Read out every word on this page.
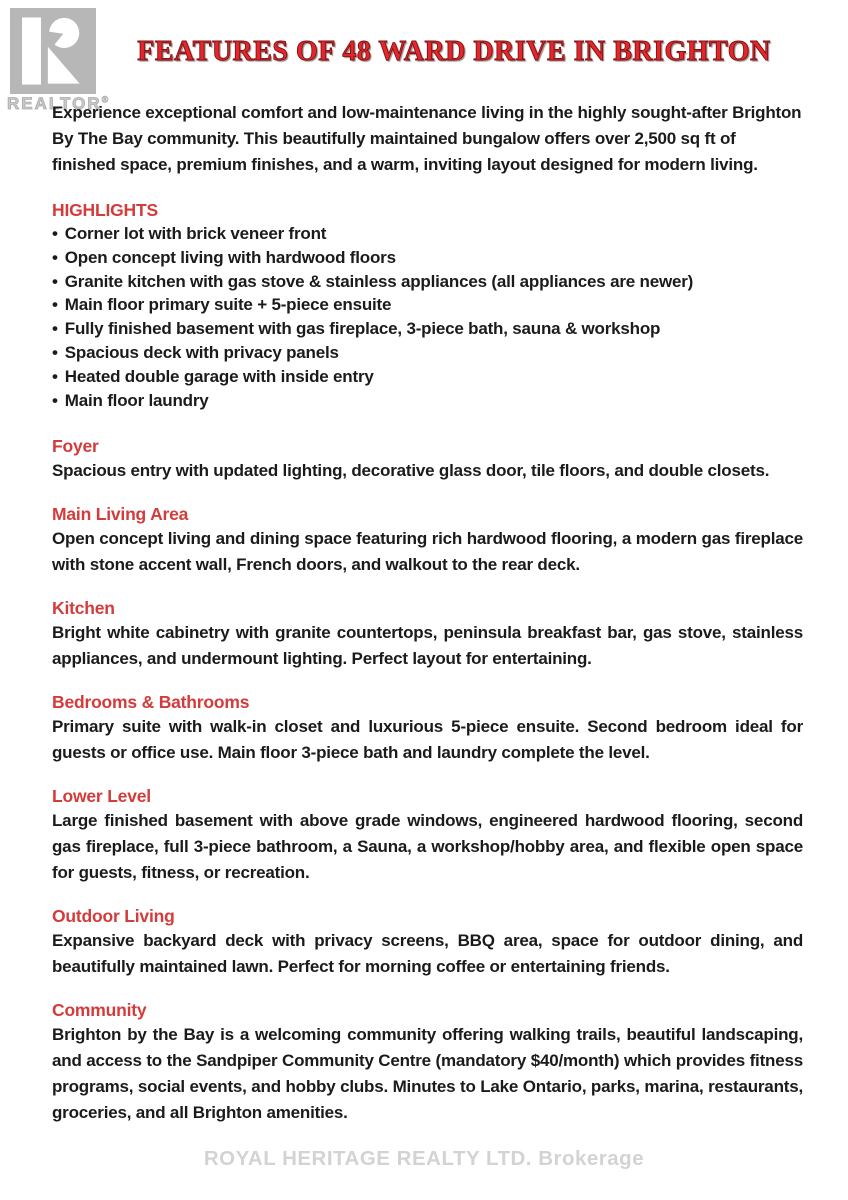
REALTOR®
FEATURES OF 48 WARD DRIVE IN BRIGHTON
ROYAL HERITAGE REALTY LTD. Brokerage

Experience exceptional comfort and low-maintenance living in the highly sought-after Brighton By The Bay community. This beautifully maintained bungalow offers over 2,500 sq ft of finished space, premium finishes, and a warm, inviting layout designed for modern living.

HIGHLIGHTS
• Corner lot with brick veneer front
• Open concept living with hardwood floors
• Granite kitchen with gas stove & stainless appliances (all appliances are newer)
• Main floor primary suite + 5-piece ensuite
• Fully finished basement with gas fireplace, 3-piece bath, sauna & workshop
• Spacious deck with privacy panels
• Heated double garage with inside entry
• Main floor laundry
Foyer

Spacious entry with updated lighting, decorative glass door, tile floors, and double closets.

Main Living Area

Open concept living and dining space featuring rich hardwood flooring, a modern gas fireplace with stone accent wall, French doors, and walkout to the rear deck.

Kitchen

Bright white cabinetry with granite countertops, peninsula breakfast bar, gas stove, stainless appliances, and undermount lighting. Perfect layout for entertaining.

Bedrooms & Bathrooms

Primary suite with walk-in closet and luxurious 5-piece ensuite. Second bedroom ideal for guests or office use. Main floor 3-piece bath and laundry complete the level.

Lower Level

Large finished basement with above grade windows, engineered hardwood flooring, second gas fireplace, full 3-piece bathroom, a Sauna, a workshop/hobby area, and flexible open space for guests, fitness, or recreation.

Outdoor Living

Expansive backyard deck with privacy screens, BBQ area, space for outdoor dining, and beautifully maintained lawn. Perfect for morning coffee or entertaining friends.

Community

Brighton by the Bay is a welcoming community offering walking trails, beautiful landscaping, and access to the Sandpiper Community Centre (mandatory $40/month) which provides fitness programs, social events, and hobby clubs. Minutes to Lake Ontario, parks, marina, restaurants, groceries, and all Brighton amenities.
